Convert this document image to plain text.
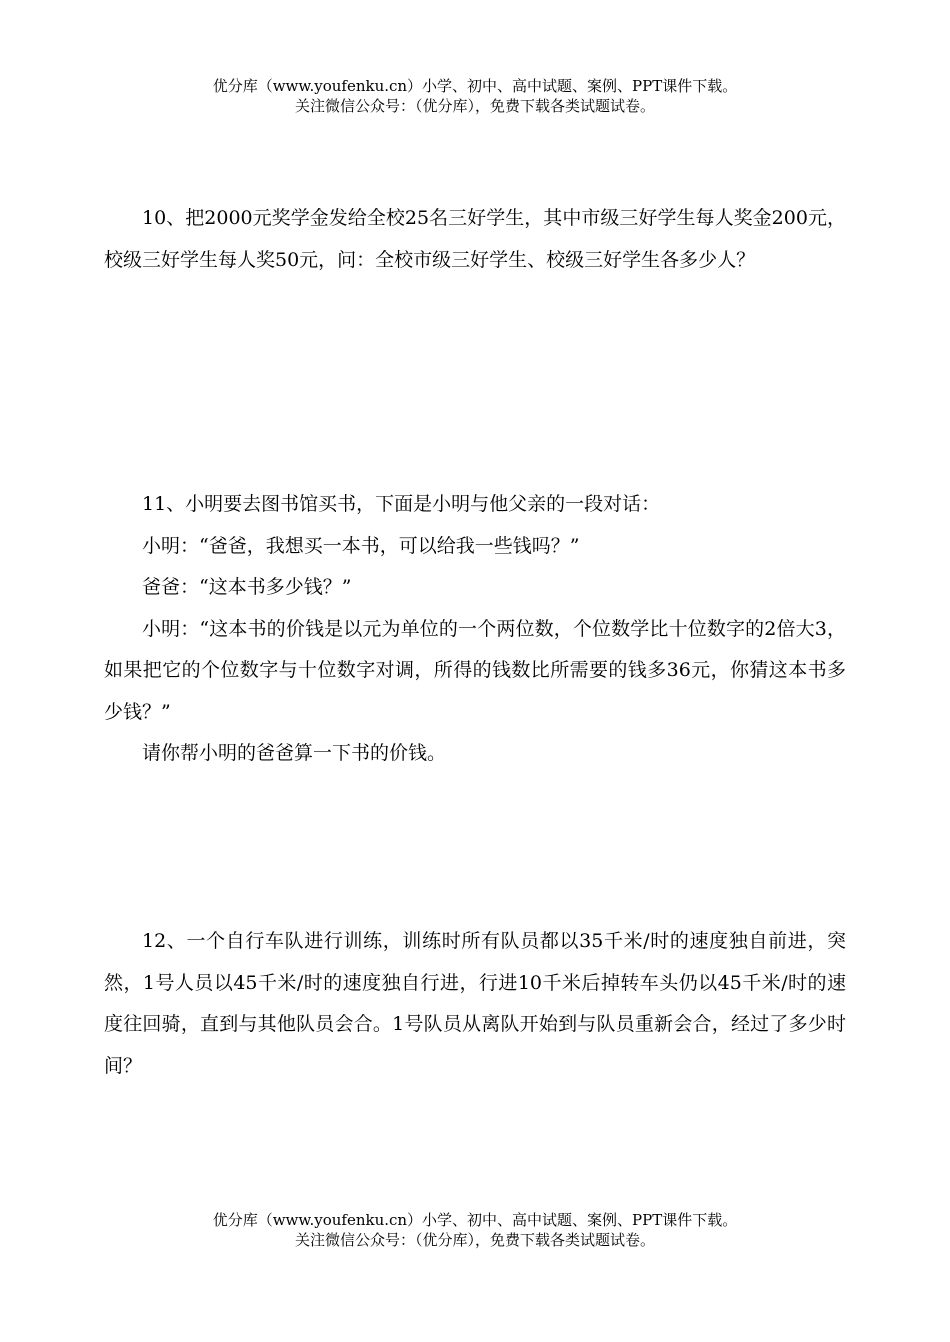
优分库（www.youfenku.cn）小学、初中、高中试题、案例、PPT课件下载。
关注微信公众号：（优分库），免费下载各类试题试卷。

10、把2000元奖学金发给全校25名三好学生，其中市级三好学生每人奖金200元，校级三好学生每人奖50元，问：全校市级三好学生、校级三好学生各多少人？

11、小明要去图书馆买书，下面是小明与他父亲的一段对话：

小明：“爸爸，我想买一本书，可以给我一些钱吗？”

爸爸：“这本书多少钱？”

小明：“这本书的价钱是以元为单位的一个两位数，个位数学比十位数字的2倍大3，如果把它的个位数字与十位数字对调，所得的钱数比所需要的钱多36元，你猜这本书多少钱？”

请你帮小明的爸爸算一下书的价钱。

12、一个自行车队进行训练，训练时所有队员都以35千米/时的速度独自前进，突然，1号人员以45千米/时的速度独自行进，行进10千米后掉转车头仍以45千米/时的速度往回骑，直到与其他队员会合。1号队员从离队开始到与队员重新会合，经过了多少时间？

优分库（www.youfenku.cn）小学、初中、高中试题、案例、PPT课件下载。
关注微信公众号：（优分库），免费下载各类试题试卷。
